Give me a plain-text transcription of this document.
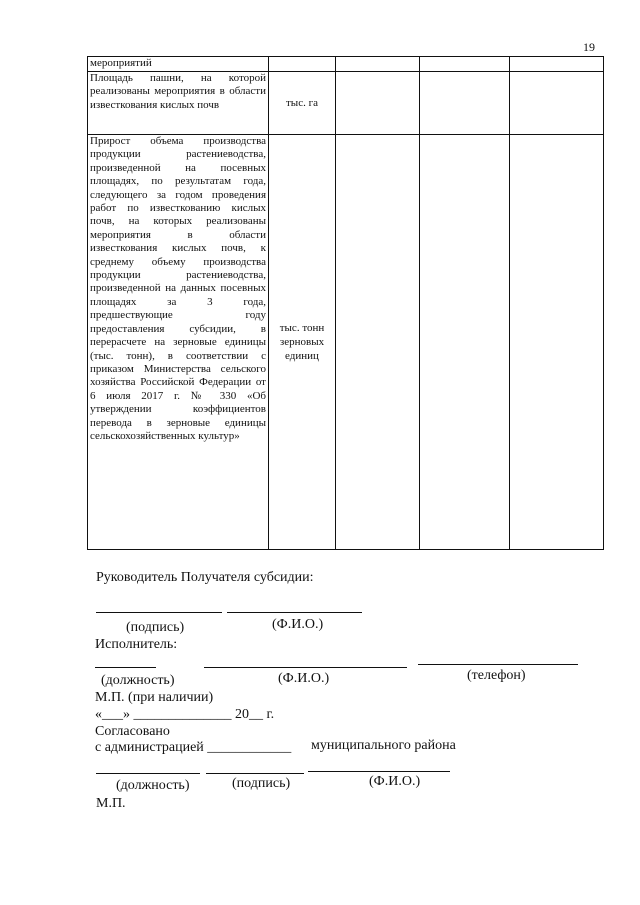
19
мероприятий				
Площадь пашни, на которой реализованы мероприятия в области известкования кислых почв	тыс. га			
Прирост объема производства продукции растениеводства, произведенной на посевных площадях, по результатам года, следующего за годом проведения работ по известкованию кислых почв, на которых реализованы мероприятия в области известкования кислых почв, к среднему объему производства продукции растениеводства, произведенной на данных посевных площадях за 3 года, предшествующие году предоставления субсидии, в перерасчете на зерновые единицы (тыс. тонн), в соответствии с приказом Министерства сельского хозяйства Российской Федерации от 6 июля 2017 г. № 330 «Об утверждении коэффициентов перевода в зерновые единицы сельскохозяйственных культур»	тыс. тонн зерновых единиц			
Руководитель Получателя субсидии:
(подпись)	(Ф.И.О.)
Исполнитель:
(должность)	(Ф.И.О.)	(телефон)
М.П. (при наличии)
«___» ______________ 20__ г.
Согласовано
с администрацией ____________ муниципального района
(должность)	(подпись)	(Ф.И.О.)
М.П.
